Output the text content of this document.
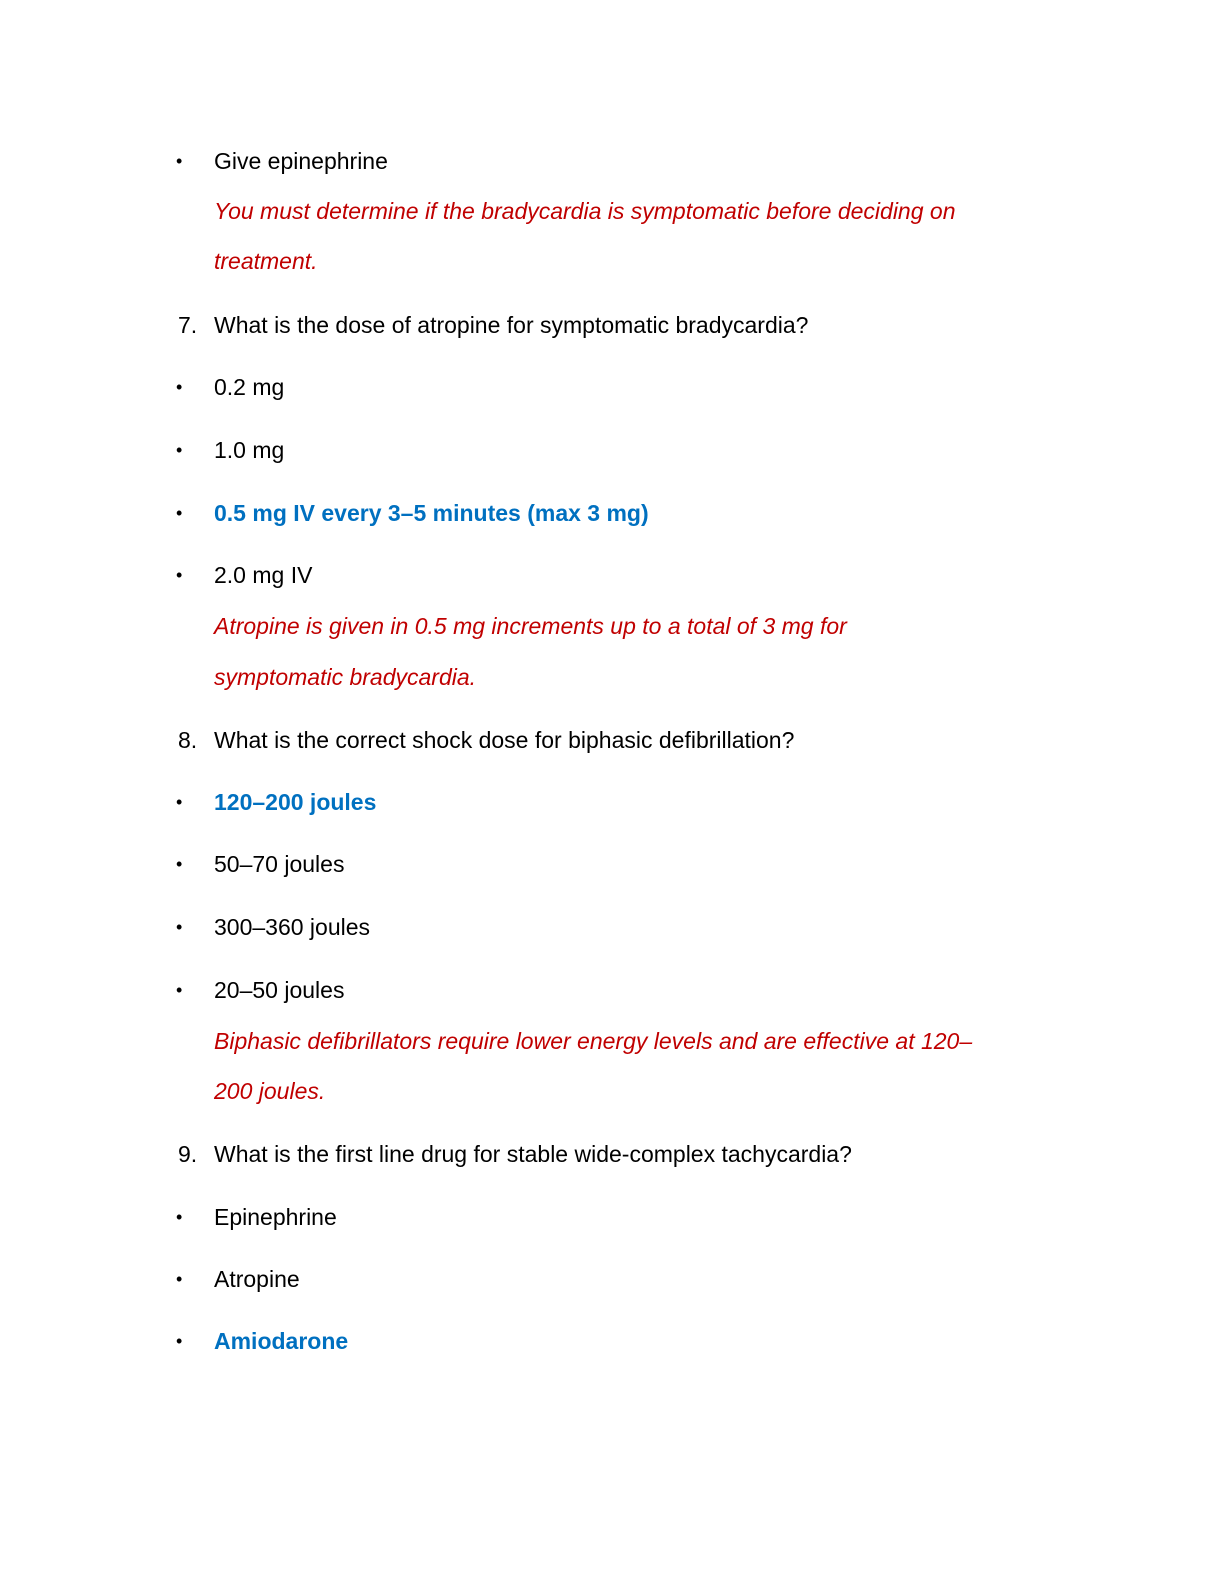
• Give epinephrine
You must determine if the bradycardia is symptomatic before deciding on
treatment.
7. What is the dose of atropine for symptomatic bradycardia?
• 0.2 mg
• 1.0 mg
• 0.5 mg IV every 3–5 minutes (max 3 mg)
• 2.0 mg IV
Atropine is given in 0.5 mg increments up to a total of 3 mg for
symptomatic bradycardia.
8. What is the correct shock dose for biphasic defibrillation?
• 120–200 joules
• 50–70 joules
• 300–360 joules
• 20–50 joules
Biphasic defibrillators require lower energy levels and are effective at 120–
200 joules.
9. What is the first line drug for stable wide-complex tachycardia?
• Epinephrine
• Atropine
• Amiodarone
